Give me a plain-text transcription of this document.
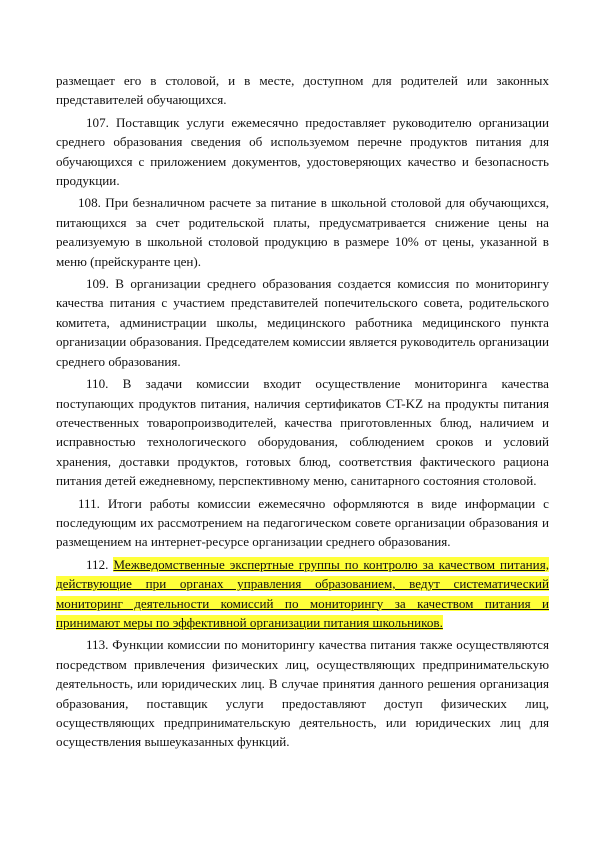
размещает его в столовой, и в месте, доступном для родителей или законных представителей обучающихся.

107. Поставщик услуги ежемесячно предоставляет руководителю организации среднего образования сведения об используемом перечне продуктов питания для обучающихся с приложением документов, удостоверяющих качество и безопасность продукции.

108. При безналичном расчете за питание в школьной столовой для обучающихся, питающихся за счет родительской платы, предусматривается снижение цены на реализуемую в школьной столовой продукцию в размере 10% от цены, указанной в меню (прейскуранте цен).

109. В организации среднего образования создается комиссия по мониторингу качества питания с участием представителей попечительского совета, родительского комитета, администрации школы, медицинского работника медицинского пункта организации образования. Председателем комиссии является руководитель организации среднего образования.

110. В задачи комиссии входит осуществление мониторинга качества поступающих продуктов питания, наличия сертификатов CT-KZ на продукты питания отечественных товаропроизводителей, качества приготовленных блюд, наличием и исправностью технологического оборудования, соблюдением сроков и условий хранения, доставки продуктов, готовых блюд, соответствия фактического рациона питания детей ежедневному, перспективному меню, санитарного состояния столовой.

111. Итоги работы комиссии ежемесячно оформляются в виде информации с последующим их рассмотрением на педагогическом совете организации образования и размещением на интернет-ресурсе организации среднего образования.

112. Межведомственные экспертные группы по контролю за качеством питания, действующие при органах управления образованием, ведут систематический мониторинг деятельности комиссий по мониторингу за качеством питания и принимают меры по эффективной организации питания школьников.

113. Функции комиссии по мониторингу качества питания также осуществляются посредством привлечения физических лиц, осуществляющих предпринимательскую деятельность, или юридических лиц. В случае принятия данного решения организация образования, поставщик услуги предоставляют доступ физических лиц, осуществляющих предпринимательскую деятельность, или юридических лиц для осуществления вышеуказанных функций.
